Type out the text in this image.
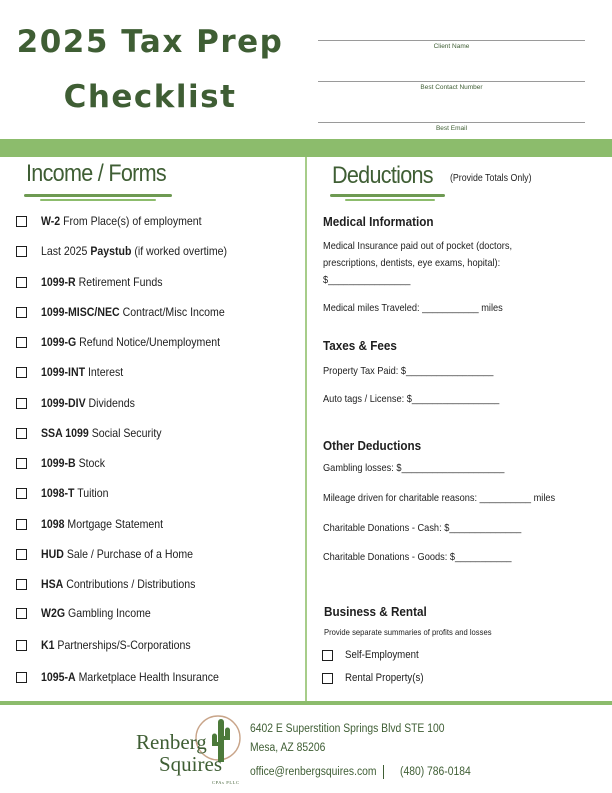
2025 Tax Prep
Checklist
Client Name
Best Contact Number
Best Email
Income / Forms
W-2 From Place(s) of employment
Last 2025 Paystub (if worked overtime)
1099-R Retirement Funds
1099-MISC/NEC Contract/Misc Income
1099-G Refund Notice/Unemployment
1099-INT Interest
1099-DIV Dividends
SSA 1099 Social Security
1099-B Stock
1098-T Tuition
1098 Mortgage Statement
HUD Sale / Purchase of a Home
HSA Contributions / Distributions
W2G Gambling Income
K1 Partnerships/S-Corporations
1095-A Marketplace Health Insurance
Deductions (Provide Totals Only)
Medical Information
Medical Insurance paid out of pocket (doctors,
prescriptions, dentists, eye exams, hopital):
$________________
Medical miles Traveled: ___________ miles
Taxes & Fees
Property Tax Paid: $_________________
Auto tags / License: $_________________
Other Deductions
Gambling losses: $____________________
Mileage driven for charitable reasons: __________ miles
Charitable Donations - Cash: $______________
Charitable Donations - Goods: $___________
Business & Rental
Provide separate summaries of profits and losses
Self-Employment
Rental Property(s)
Renberg
Squires
CPAs PLLC
6402 E Superstition Springs Blvd STE 100
Mesa, AZ 85206
office@renbergsquires.com (480) 786-0184
